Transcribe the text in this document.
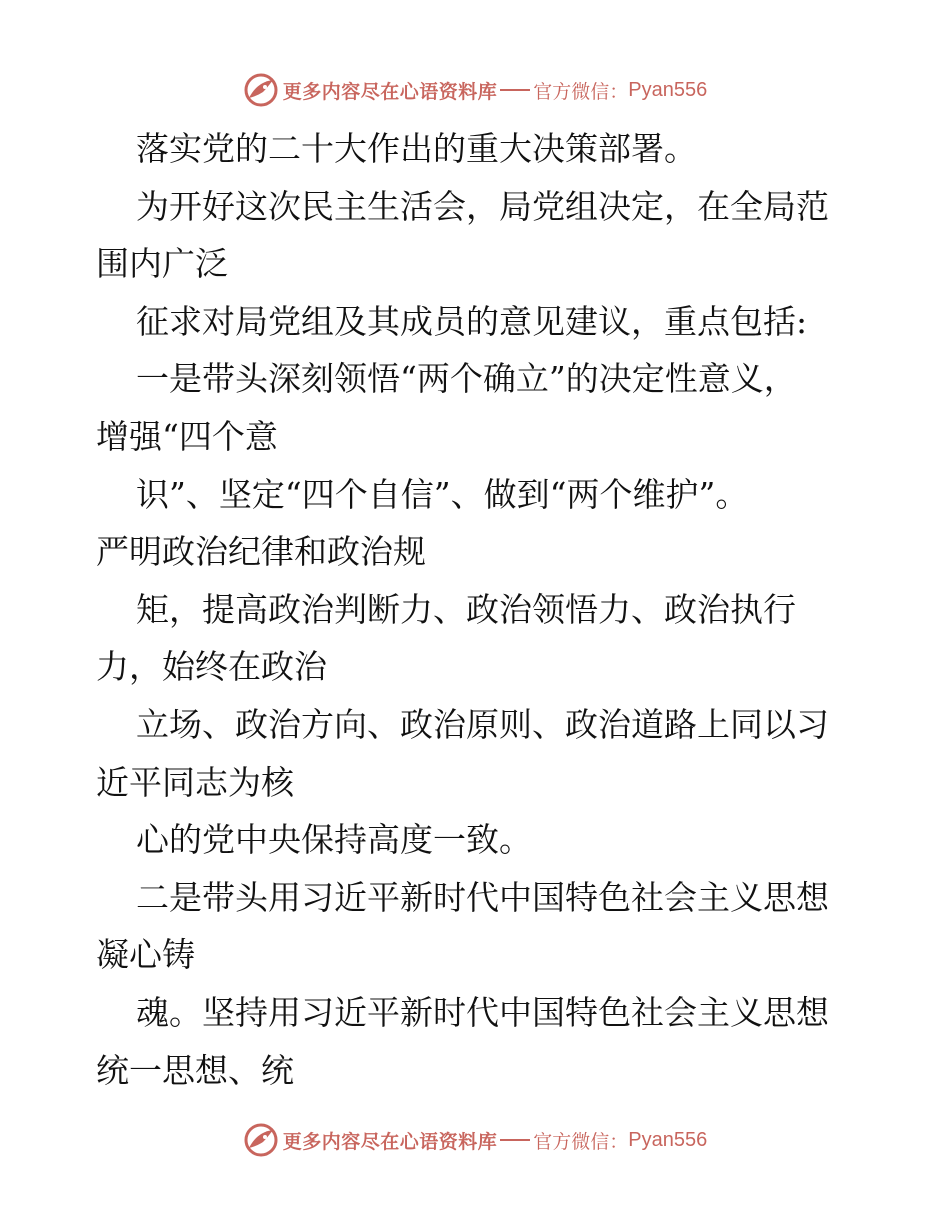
更多内容尽在心语资料库 官方微信： Pyan556
落实党的二十大作出的重大决策部署。
为开好这次民主生活会，局党组决定，在全局范
围内广泛
征求对局党组及其成员的意见建议，重点包括:
一是带头深刻领悟“两个确立”的决定性意义，
增强“四个意
识”、坚定“四个自信”、做到“两个维护”。
严明政治纪律和政治规
矩，提高政治判断力、政治领悟力、政治执行
力，始终在政治
立场、政治方向、政治原则、政治道路上同以习
近平同志为核
心的党中央保持高度一致。
二是带头用习近平新时代中国特色社会主义思想
凝心铸
魂。坚持用习近平新时代中国特色社会主义思想
统一思想、统
更多内容尽在心语资料库 官方微信： Pyan556
